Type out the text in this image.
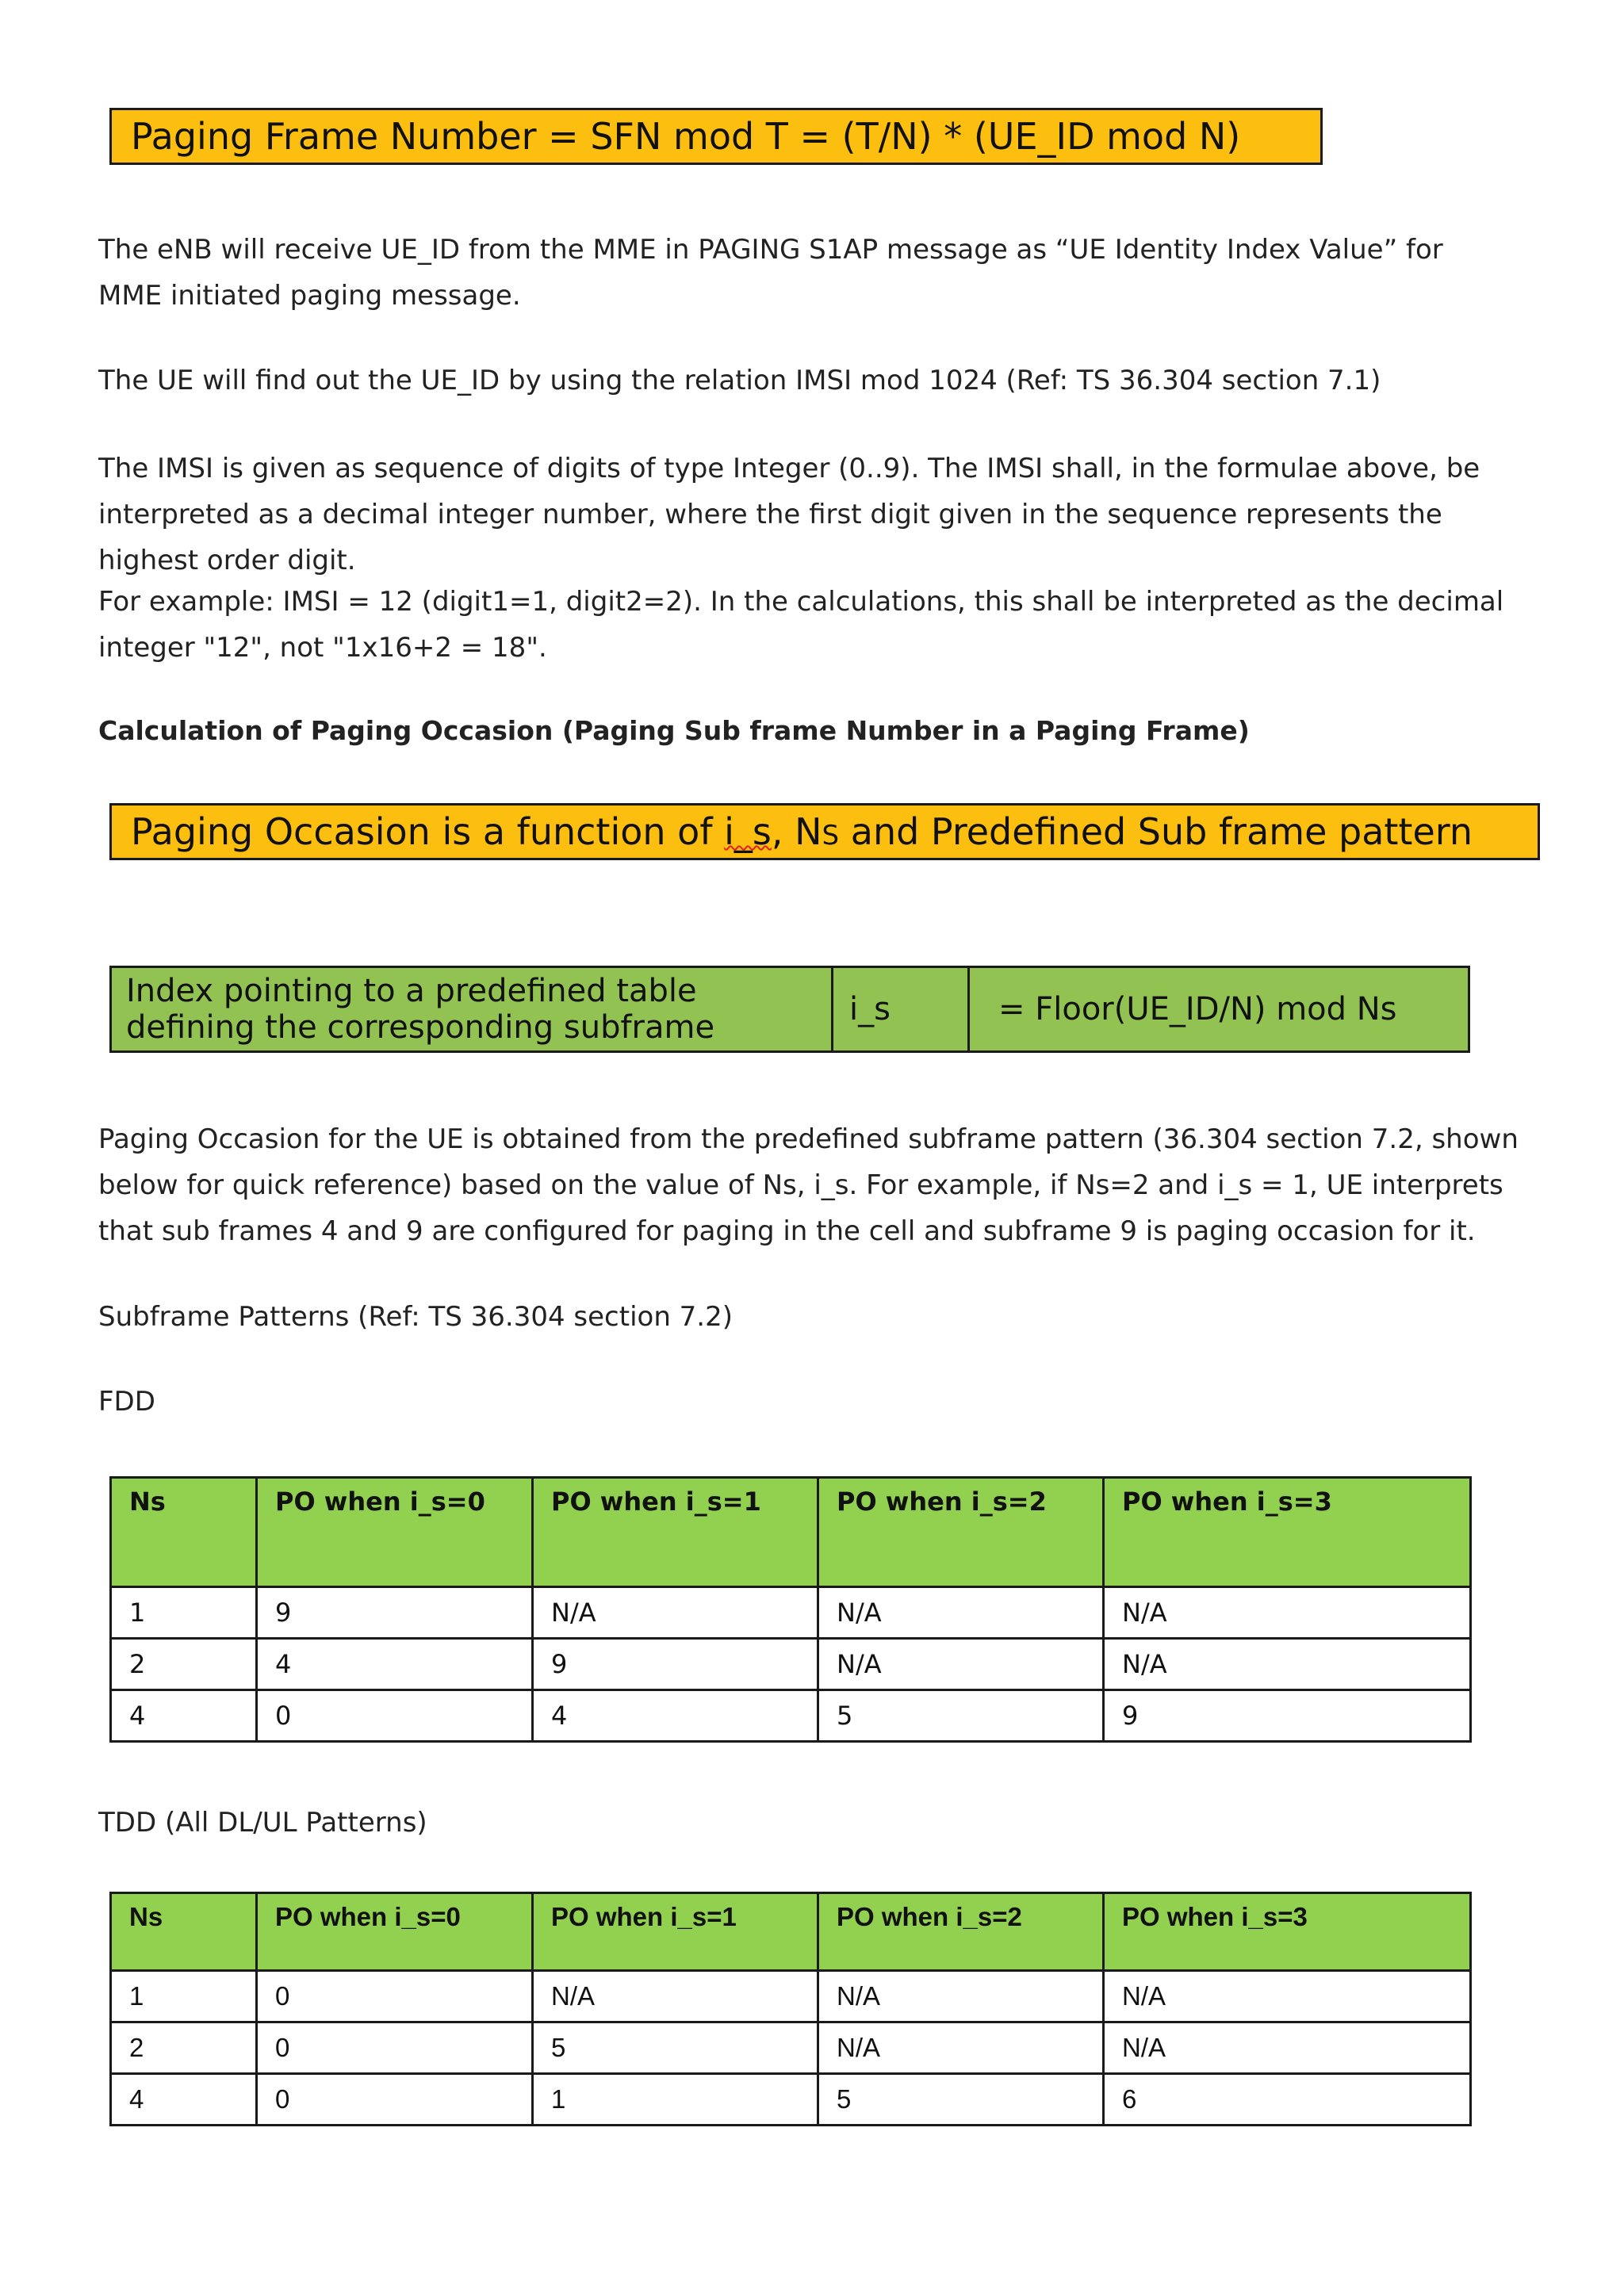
Paging Frame Number = SFN mod T = (T/N) * (UE_ID mod N)

The eNB will receive UE_ID from the MME in PAGING S1AP message as “UE Identity Index Value” for MME initiated paging message.

The UE will find out the UE_ID by using the relation IMSI mod 1024 (Ref: TS 36.304 section 7.1)

The IMSI is given as sequence of digits of type Integer (0..9). The IMSI shall, in the formulae above, be interpreted as a decimal integer number, where the first digit given in the sequence represents the highest order digit.

For example: IMSI = 12 (digit1=1, digit2=2). In the calculations, this shall be interpreted as the decimal integer "12", not "1x16+2 = 18".

Calculation of Paging Occasion (Paging Sub frame Number in a Paging Frame)

Paging Occasion is a function of i_s, NS and Predefined Sub frame pattern
Index pointing to a predefined table defining the corresponding subframe	i_s	= Floor(UE_ID/N) mod Ns

Paging Occasion for the UE is obtained from the predefined subframe pattern (36.304 section 7.2, shown below for quick reference) based on the value of Ns, i_s. For example, if Ns=2 and i_s = 1, UE interprets that sub frames 4 and 9 are configured for paging in the cell and subframe 9 is paging occasion for it.

Subframe Patterns (Ref: TS 36.304 section 7.2)

FDD

Ns	PO when i_s=0	PO when i_s=1	PO when i_s=2	PO when i_s=3
1	9	N/A	N/A	N/A
2	4	9	N/A	N/A
4	0	4	5	9

TDD (All DL/UL Patterns)

Ns	PO when i_s=0	PO when i_s=1	PO when i_s=2	PO when i_s=3
1	0	N/A	N/A	N/A
2	0	5	N/A	N/A
4	0	1	5	6
